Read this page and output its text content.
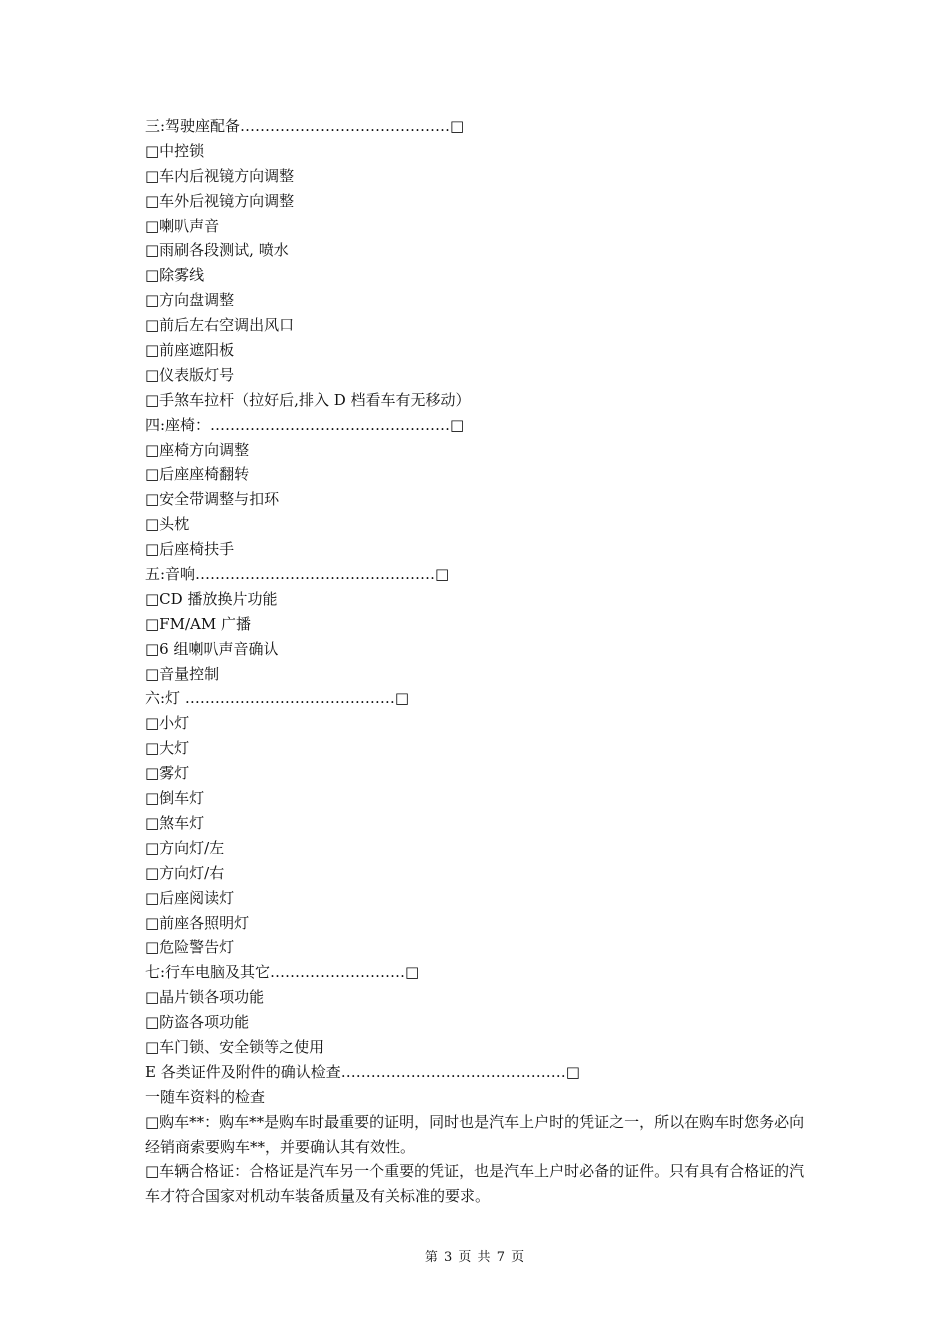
三:驾驶座配备……………………………………□
□中控锁
□车内后视镜方向调整
□车外后视镜方向调整
□喇叭声音
□雨刷各段测试, 喷水
□除雾线
□方向盘调整
□前后左右空调出风口
□前座遮阳板
□仪表版灯号
□手煞车拉杆（拉好后,排入 D 档看车有无移动）
四:座椅：…………………………………………□
□座椅方向调整
□后座座椅翻转
□安全带调整与扣环
□头枕
□后座椅扶手
五:音响…………………………………………□
□CD 播放换片功能
□FM/AM 广播
□6 组喇叭声音确认
□音量控制
六:灯 ……………………………………□
□小灯
□大灯
□雾灯
□倒车灯
□煞车灯
□方向灯/左
□方向灯/右
□后座阅读灯
□前座各照明灯
□危险警告灯
七:行车电脑及其它………………………□
□晶片锁各项功能
□防盗各项功能
□车门锁、安全锁等之使用
E 各类证件及附件的确认检查………………………………………□
一随车资料的检查
□购车**：购车**是购车时最重要的证明，同时也是汽车上户时的凭证之一，所以在购车时您务必向经销商索要购车**，并要确认其有效性。
□车辆合格证：合格证是汽车另一个重要的凭证，也是汽车上户时必备的证件。只有具有合格证的汽车才符合国家对机动车装备质量及有关标准的要求。
第 3 页 共 7 页
